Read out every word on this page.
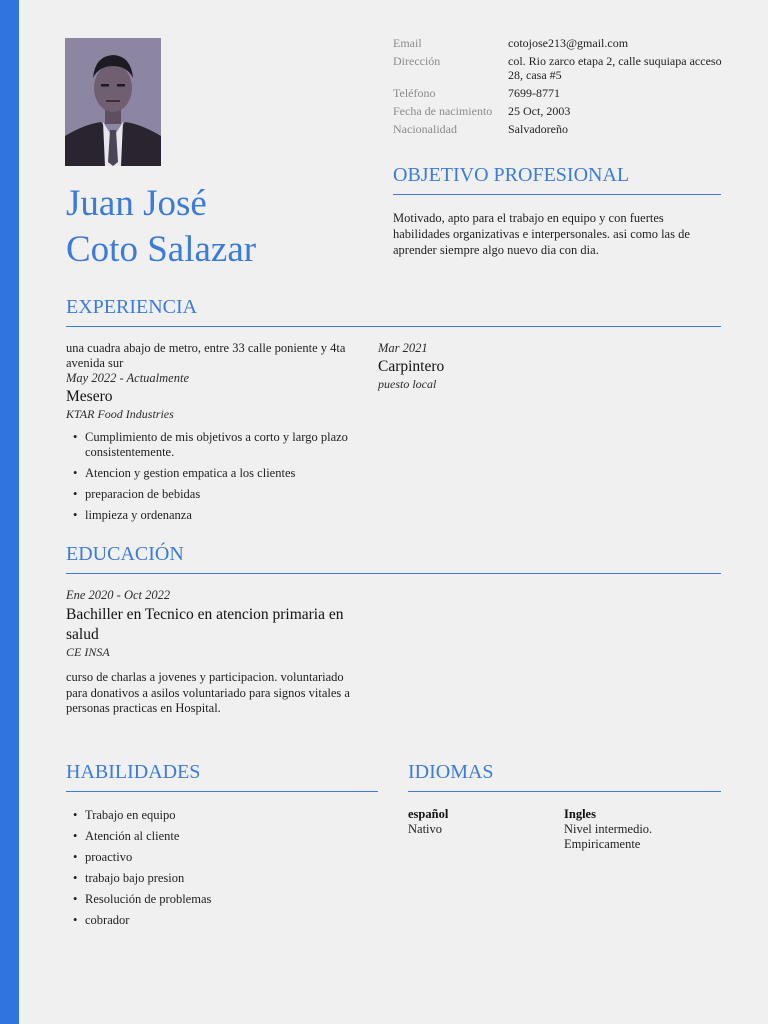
Juan José
Coto Salazar
Email	cotojose213@gmail.com
Dirección	col. Rio zarco etapa 2, calle suquiapa acceso 28, casa #5
Teléfono	7699-8771
Fecha de nacimiento	25 Oct, 2003
Nacionalidad	Salvadoreño
OBJETIVO PROFESIONAL
Motivado, apto para el trabajo en equipo y con fuertes habilidades organizativas e interpersonales. asi como las de aprender siempre algo nuevo dia con dia.
EXPERIENCIA
una cuadra abajo de metro, entre 33 calle poniente y 4ta avenida sur
May 2022 - Actualmente
Mesero
KTAR Food Industries
• Cumplimiento de mis objetivos a corto y largo plazo consistentemente.
• Atencion y gestion empatica a los clientes
• preparacion de bebidas
• limpieza y ordenanza
Mar 2021
Carpintero
puesto local
EDUCACIÓN
Ene 2020 - Oct 2022
Bachiller en Tecnico en atencion primaria en salud
CE INSA
curso de charlas a jovenes y participacion. voluntariado para donativos a asilos voluntariado para signos vitales a personas practicas en Hospital.
HABILIDADES
• Trabajo en equipo
• Atención al cliente
• proactivo
• trabajo bajo presion
• Resolución de problemas
• cobrador
IDIOMAS
español
Nativo
Ingles
Nivel intermedio. Empiricamente
